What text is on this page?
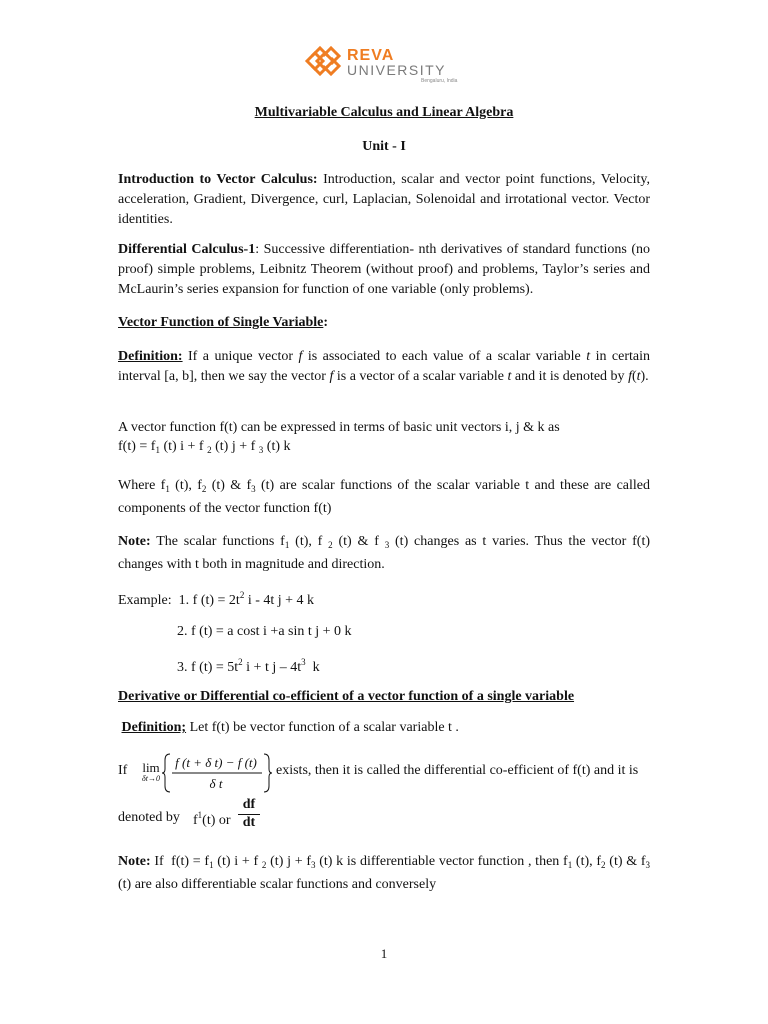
REVA
UNIVERSITY
Bengaluru, India
Multivariable Calculus and Linear Algebra
Unit - I
Introduction to Vector Calculus: Introduction, scalar and vector point functions, Velocity, acceleration, Gradient, Divergence, curl, Laplacian, Solenoidal and irrotational vector. Vector identities.
Differential Calculus-1: Successive differentiation- nth derivatives of standard functions (no proof) simple problems, Leibnitz Theorem (without proof) and problems, Taylor’s series and McLaurin’s series expansion for function of one variable (only problems).
Vector Function of Single Variable:
Definition: If a unique vector f is associated to each value of a scalar variable t in certain interval [a, b], then we say the vector f is a vector of a scalar variable t and it is denoted by f(t).
A vector function f(t) can be expressed in terms of basic unit vectors i, j & k as
$f(t) = f_1$ (t) i + f $_2$ (t) j + f $_3$ (t) k
Where $f_1$ (t), $f_2$ (t) & $f_3$ (t) are scalar functions of the scalar variable t and these are called components of the vector function f(t)
Note: The scalar functions $f_1$ (t), f $_2$ (t) & f $_3$ (t) changes as t varies. Thus the vector f(t) changes with t both in magnitude and direction.
Example: 1. f $(t) = 2t^2$ i - 4t j + 4 k
2. f (t) = a cost i +a sin t j + 0 k
3. f $(t) = 5t^2$ i + t j – $4t^3$  k
Derivative or Differential co-efficient of a vector function of a single variable
Definition; Let f(t) be vector function of a scalar variable t .
If	lim
δt→0
f (t + δ t) − f (t)
δ t
exists, then it is called the differential co-efficient of f(t) and it is
denoted by $f^1(t)$ or $\frac{df}{dt}$
Note: If  $f(t) = f_1$ (t) i + f $_2$ (t) $j + f_3$ (t) k is differentiable vector function , then $f_1$ (t), $f_2$ (t) & $f_3$ (t) are also differentiable scalar functions and conversely
1
